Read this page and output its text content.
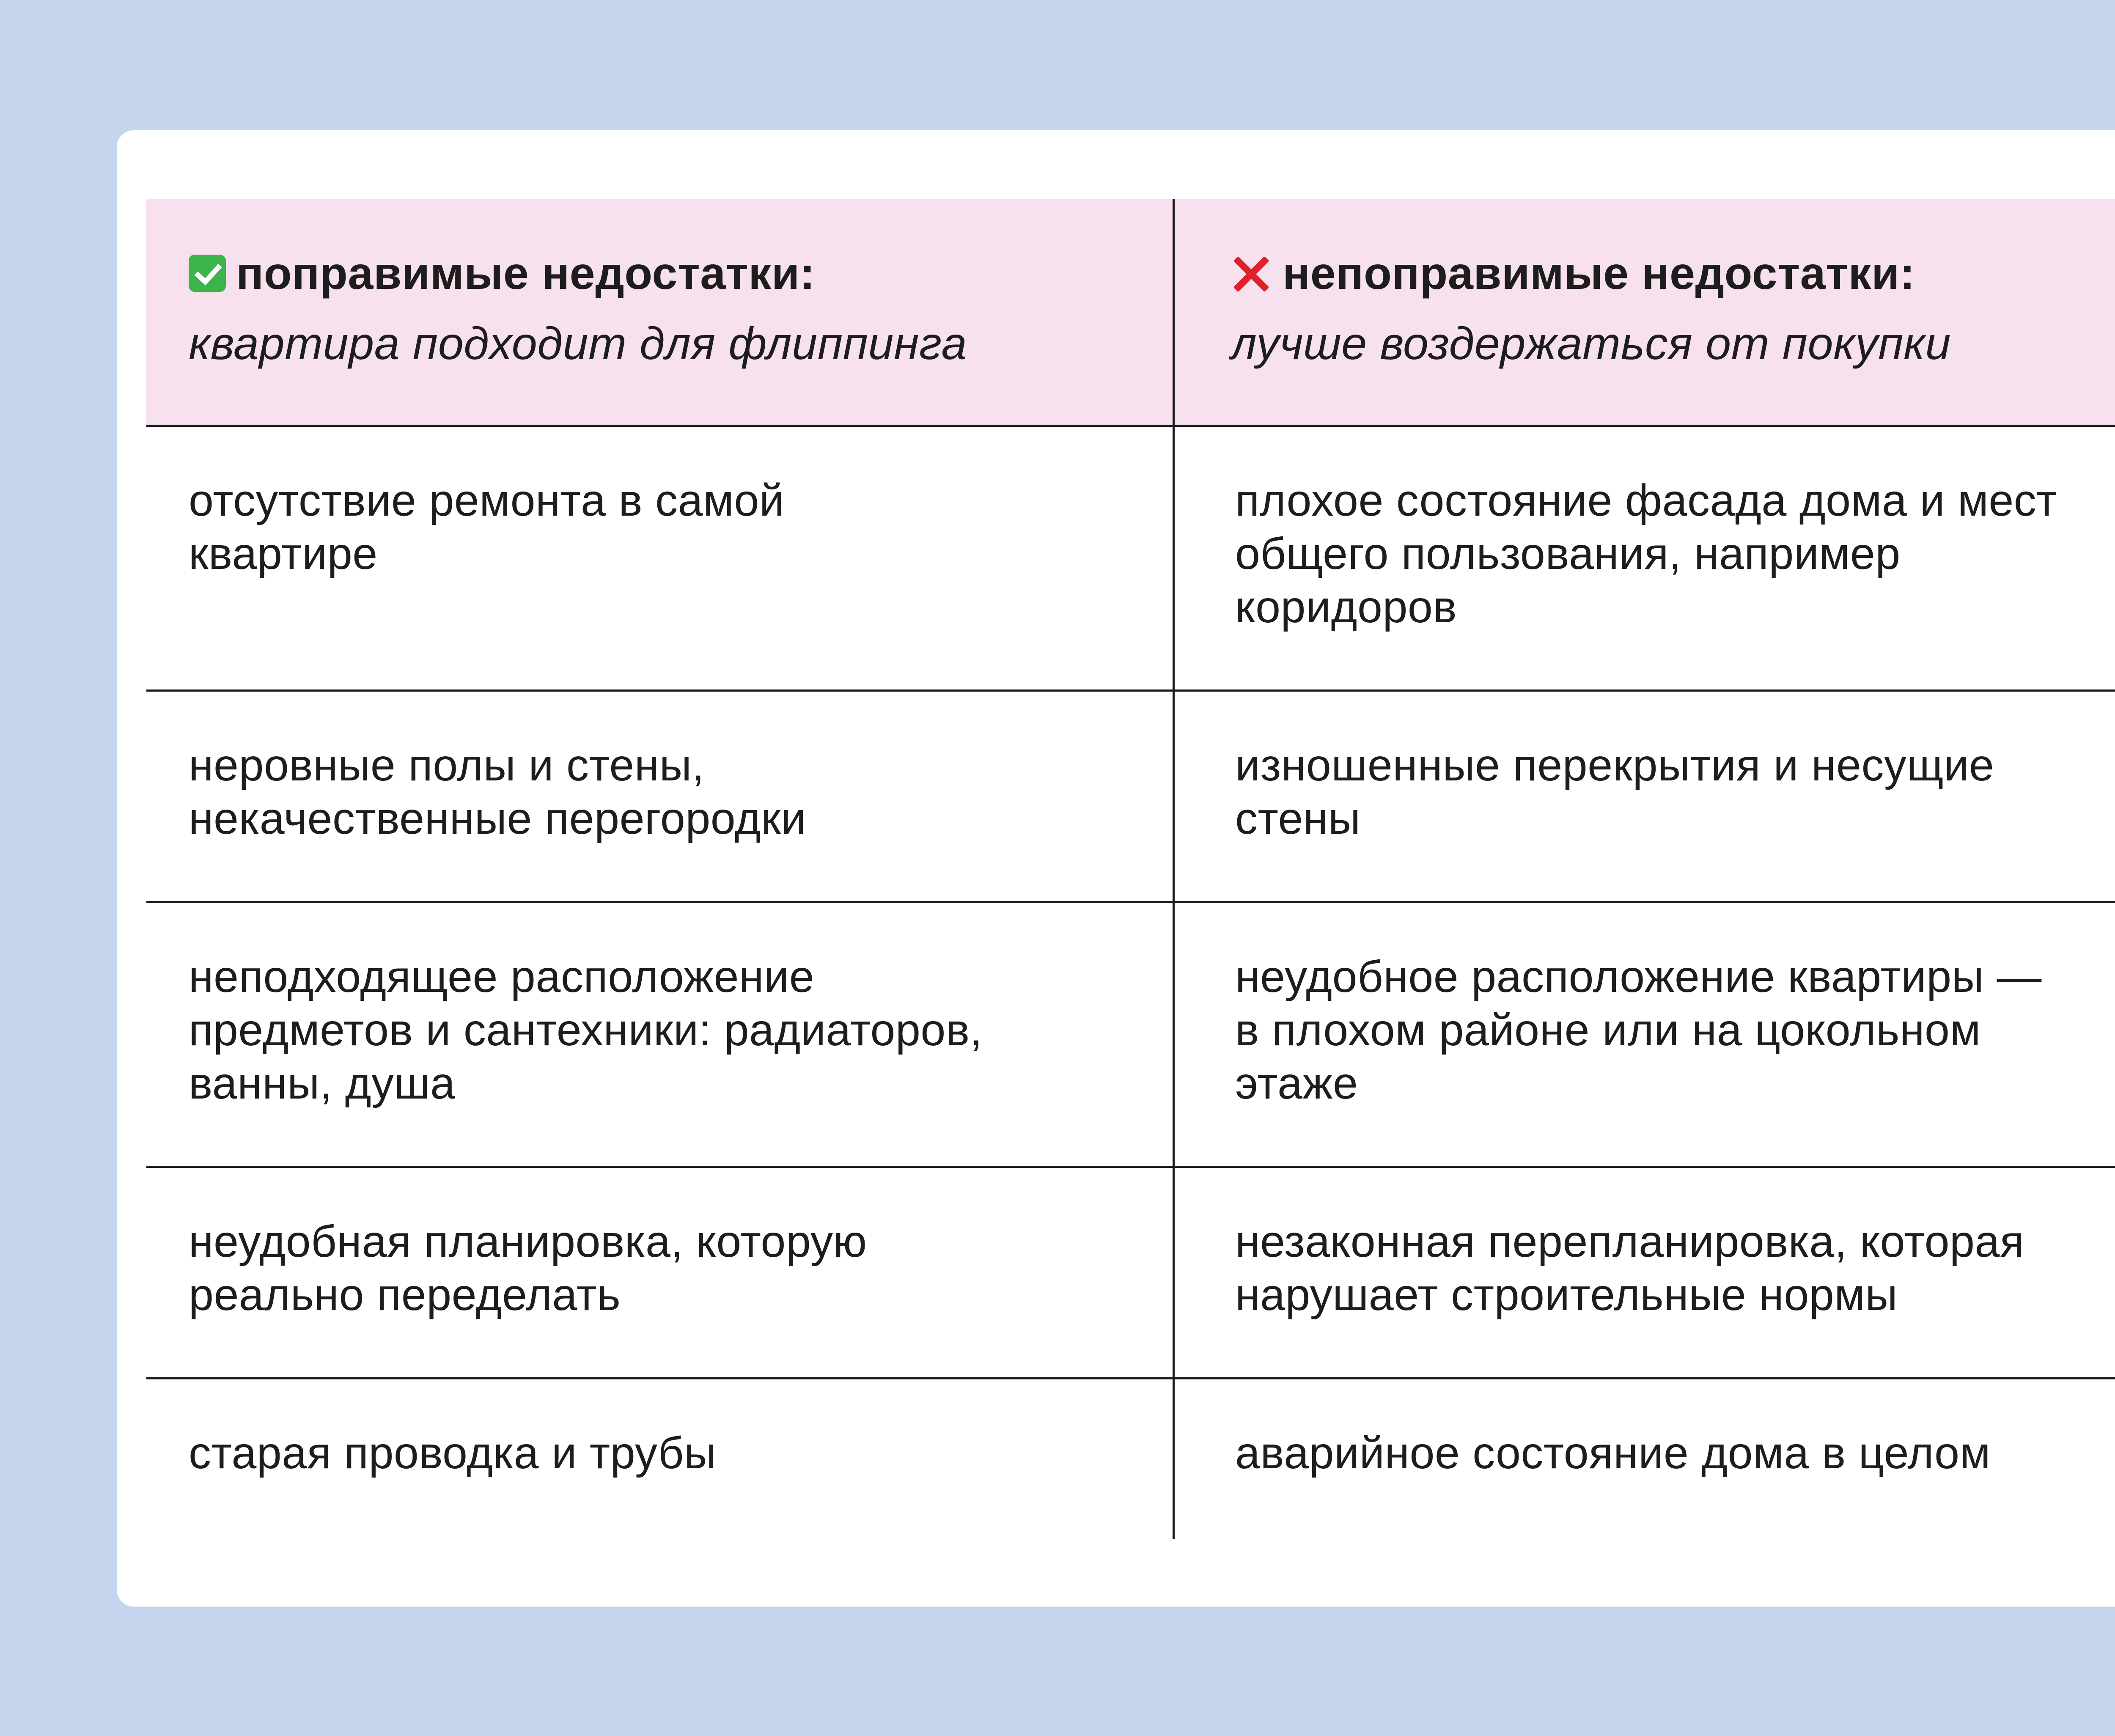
поправимые недостатки:
квартира подходит для флиппинга
непоправимые недостатки:
лучше воздержаться от покупки
отсутствие ремонта в самой
квартире
плохое состояние фасада дома и мест
общего пользования, например
коридоров
неровные полы и стены,
некачественные перегородки
изношенные перекрытия и несущие
стены
неподходящее расположение
предметов и сантехники: радиаторов,
ванны, душа
неудобное расположение квартиры —
в плохом районе или на цокольном
этаже
неудобная планировка, которую
реально переделать
незаконная перепланировка, которая
нарушает строительные нормы
старая проводка и трубы	аварийное состояние дома в целом
